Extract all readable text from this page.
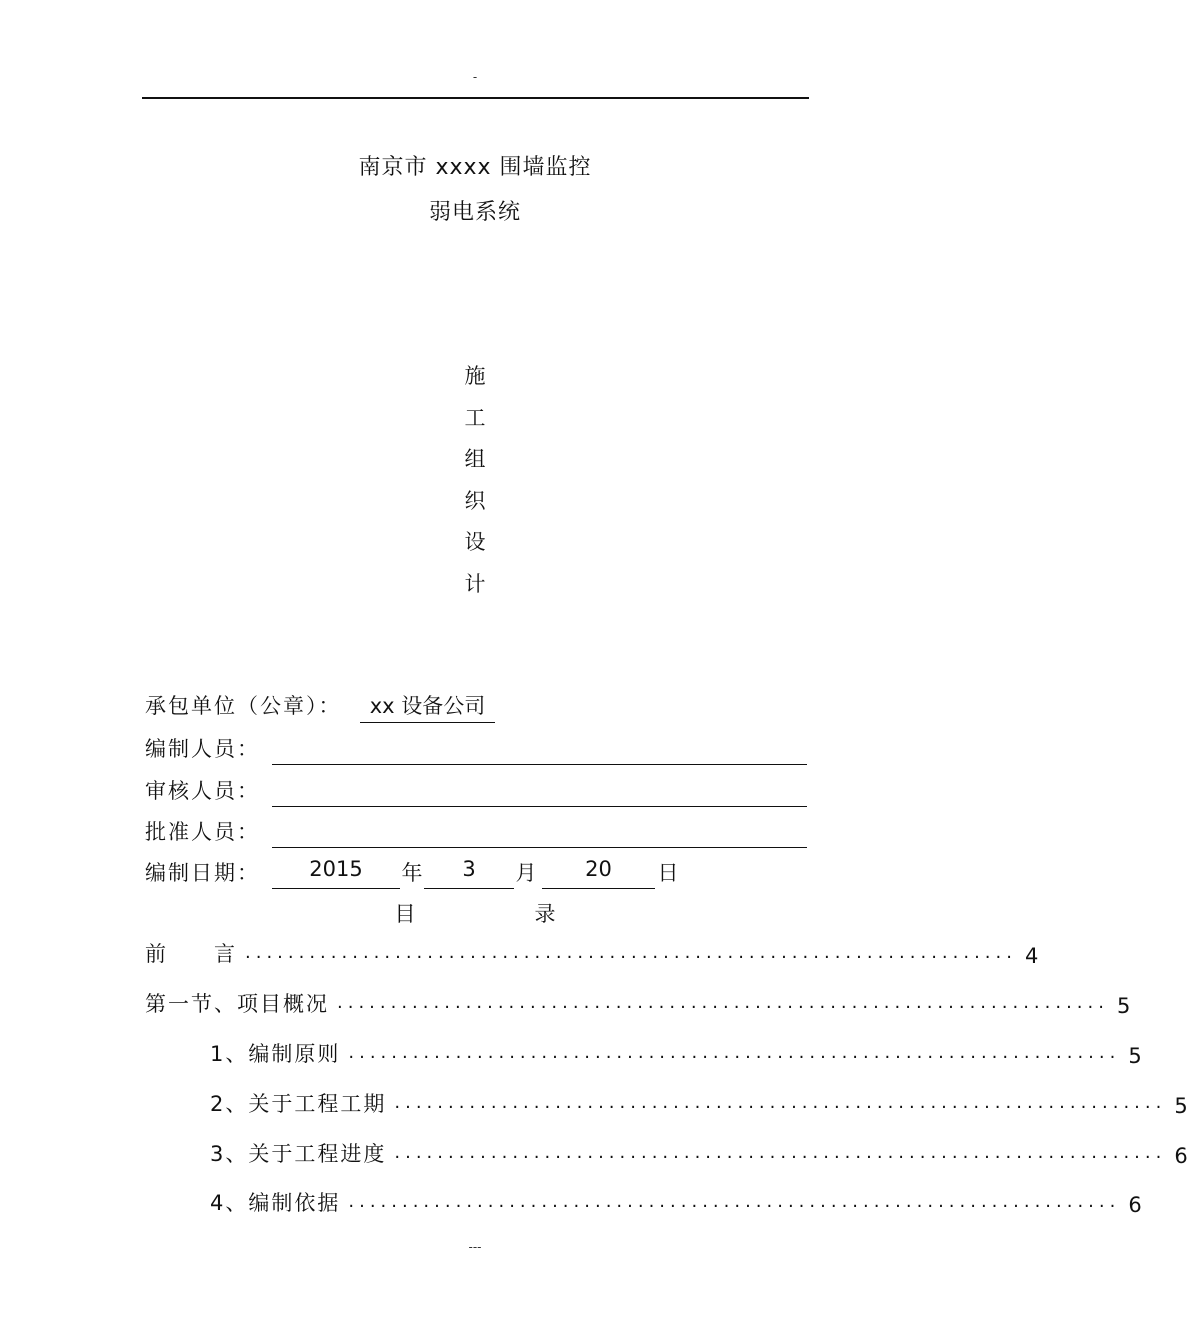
-
南京市 xxxx 围墙监控
弱电系统
施
工
组
织
设
计
承包单位（公章）：	xx 设备公司
编制人员：
审核人员：
批准人员：
编制日期：	2015	年	3	月	20	日
目	录
前　　言 ........................................................................ 4
第一节、项目概况 ........................................................................ 5
1、编制原则 ........................................................................ 5
2、关于工程工期 ........................................................................ 5
3、关于工程进度 ........................................................................ 6
4、编制依据 ........................................................................ 6
---
